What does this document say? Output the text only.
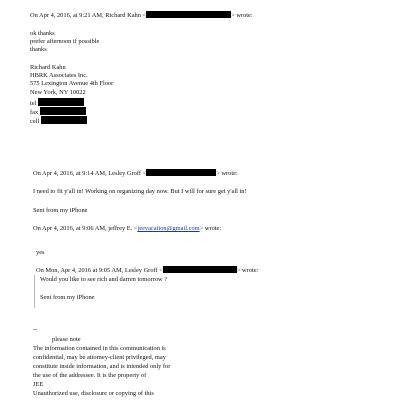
On Apr 4, 2016, at 9:21 AM, Richard Kahn <	> wrote:
ok thanks
prefer afternoon if possible
thanks
Richard Kahn
HBRK Associates Inc.
575 Lexington Avenue 4th Floor
New York, NY 10022
tel
fax
cell
On Apr 4, 2016, at 9:14 AM, Lesley Groff <	> wrote:
I need to fit y'all in! Working on organizing day now. But I will for sure get y'all in!
Sent from my iPhone
On Apr 4, 2016, at 9:06 AM, jeffrey E. <jeevacation@gmail.com> wrote:
yes
On Mon, Apr 4, 2016 at 9:05 AM, Lesley Groff <	> wrote:
Would you like to see rich and darren tomorrow ?
Sent from my iPhone
--
please note
The information contained in this communication is
confidential, may be attorney-client privileged, may
constitute inside information, and is intended only for
the use of the addressee. It is the property of
JEE
Unauthorized use, disclosure or copying of this
